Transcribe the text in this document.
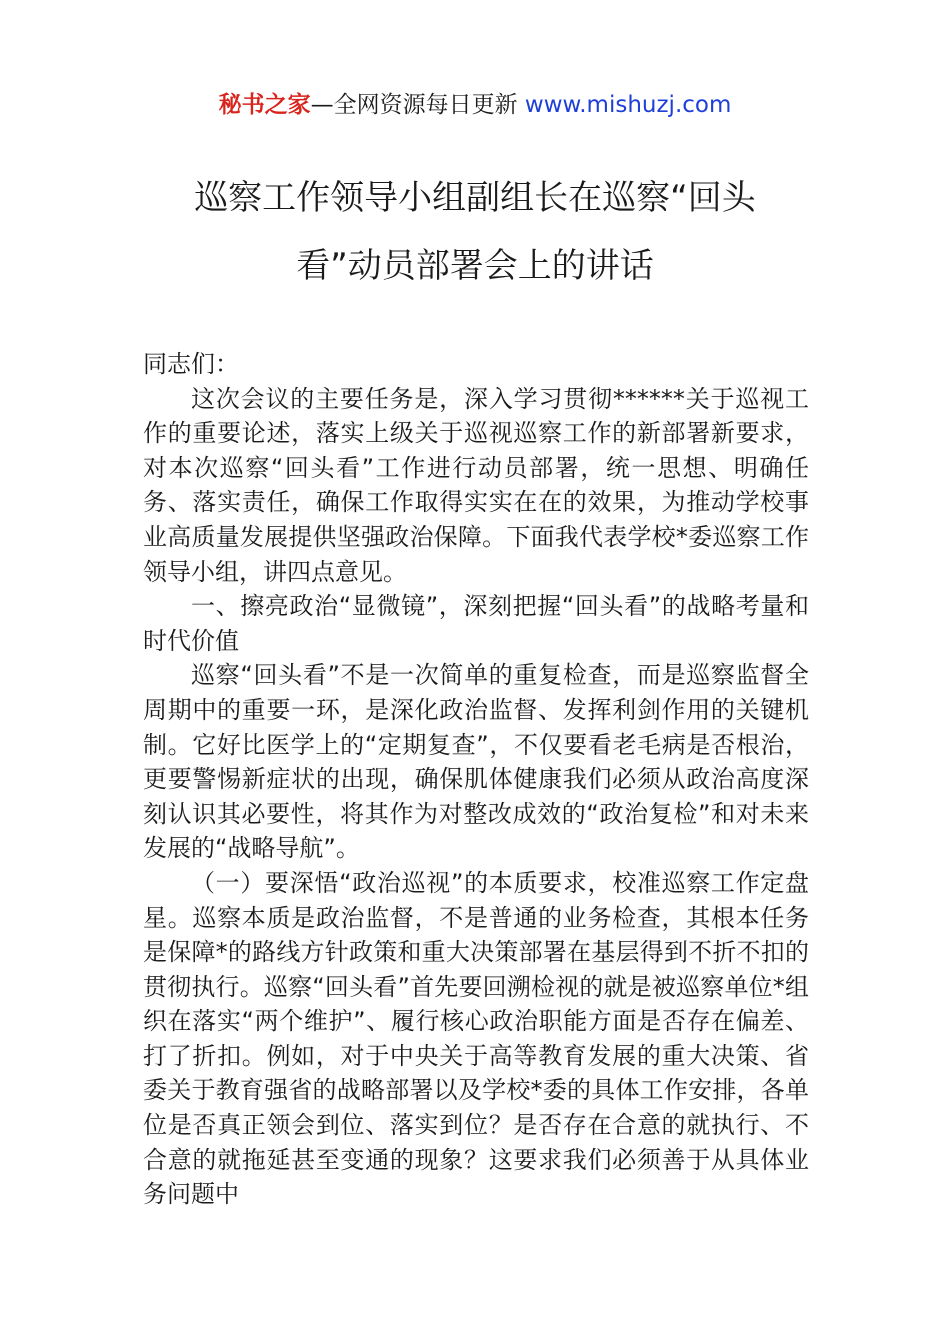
秘书之家—全网资源每日更新 www.mishuzj.com
巡察工作领导小组副组长在巡察“回头
看”动员部署会上的讲话

同志们：

这次会议的主要任务是，深入学习贯彻******关于巡视工作的重要论述，落实上级关于巡视巡察工作的新部署新要求，对本次巡察“回头看”工作进行动员部署，统一思想、明确任务、落实责任，确保工作取得实实在在的效果，为推动学校事业高质量发展提供坚强政治保障。下面我代表学校*委巡察工作领导小组，讲四点意见。

一、擦亮政治“显微镜”，深刻把握“回头看”的战略考量和时代价值

巡察“回头看”不是一次简单的重复检查，而是巡察监督全周期中的重要一环，是深化政治监督、发挥利剑作用的关键机制。它好比医学上的“定期复查”，不仅要看老毛病是否根治，更要警惕新症状的出现，确保肌体健康我们必须从政治高度深刻认识其必要性，将其作为对整改成效的“政治复检”和对未来发展的“战略导航”。

（一）要深悟“政治巡视”的本质要求，校准巡察工作定盘星。巡察本质是政治监督，不是普通的业务检查，其根本任务是保障*的路线方针政策和重大决策部署在基层得到不折不扣的贯彻执行。巡察“回头看”首先要回溯检视的就是被巡察单位*组织在落实“两个维护”、履行核心政治职能方面是否存在偏差、打了折扣。例如，对于中央关于高等教育发展的重大决策、省委关于教育强省的战略部署以及学校*委的具体工作安排，各单位是否真正领会到位、落实到位？是否存在合意的就执行、不合意的就拖延甚至变通的现象？这要求我们必须善于从具体业务问题中
